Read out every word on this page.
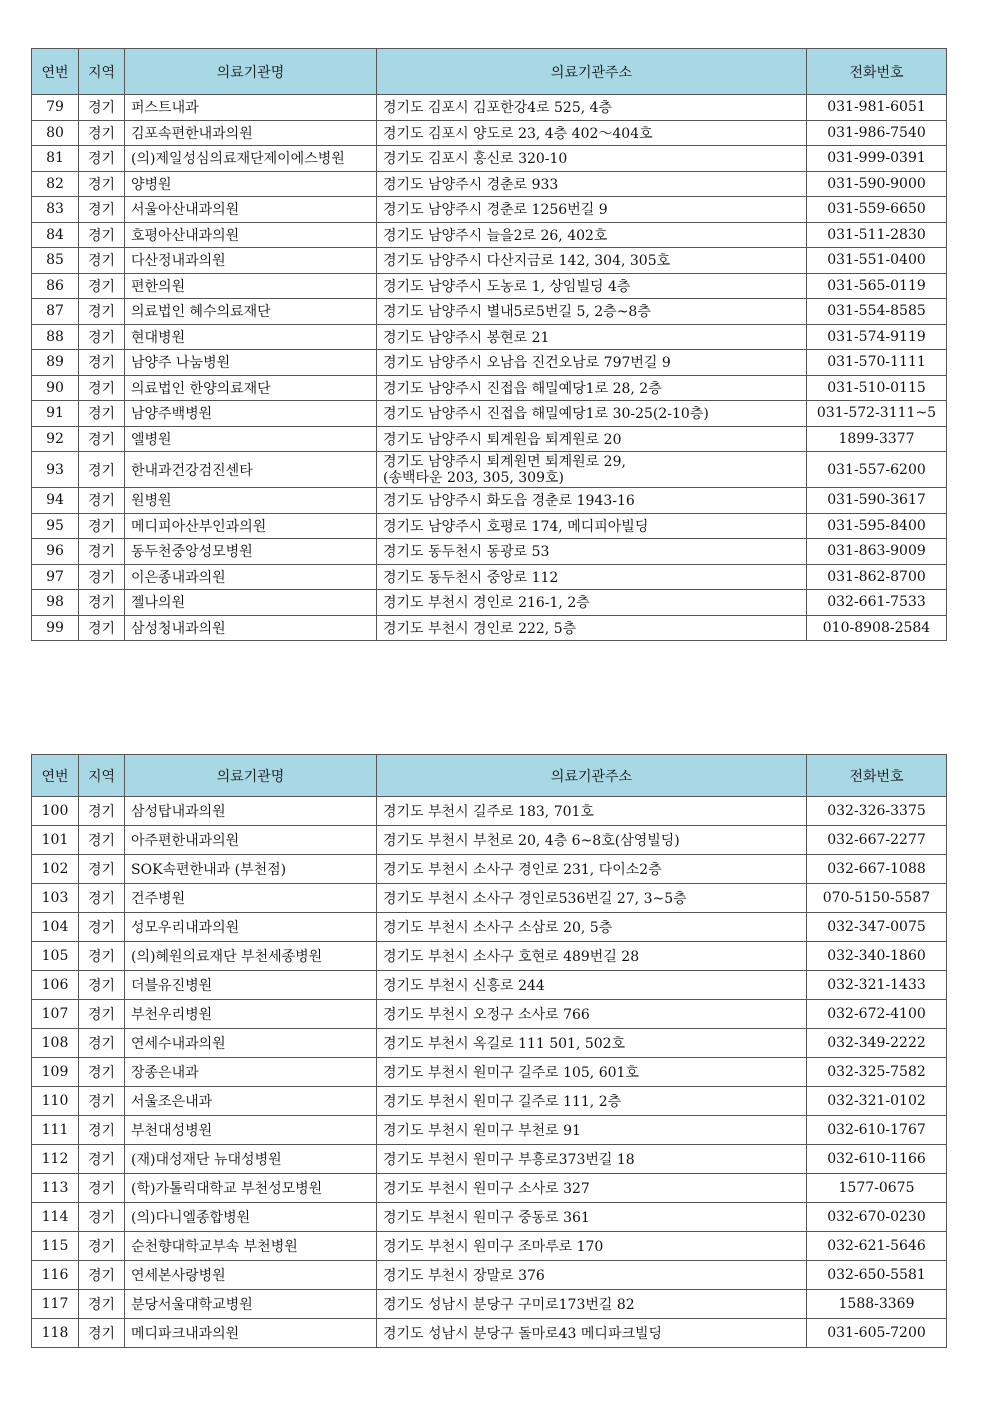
연번	지역	의료기관명	의료기관주소	전화번호
79	경기	퍼스트내과	경기도 김포시 김포한강4로 525, 4층	031-981-6051
80	경기	김포속편한내과의원	경기도 김포시 양도로 23, 4층 402～404호	031-986-7540
81	경기	(의)제일성심의료재단제이에스병원	경기도 김포시 홍신로 320-10	031-999-0391
82	경기	양병원	경기도 남양주시 경춘로 933	031-590-9000
83	경기	서울아산내과의원	경기도 남양주시 경춘로 1256번길 9	031-559-6650
84	경기	호평아산내과의원	경기도 남양주시 늘을2로 26, 402호	031-511-2830
85	경기	다산정내과의원	경기도 남양주시 다산지금로 142, 304, 305호	031-551-0400
86	경기	편한의원	경기도 남양주시 도농로 1, 상임빌딩 4층	031-565-0119
87	경기	의료법인 혜수의료재단	경기도 남양주시 별내5로5번길 5, 2층~8층	031-554-8585
88	경기	현대병원	경기도 남양주시 봉현로 21	031-574-9119
89	경기	남양주 나눔병원	경기도 남양주시 오남읍 진건오남로 797번길 9	031-570-1111
90	경기	의료법인 한양의료재단	경기도 남양주시 진접읍 해밀예당1로 28, 2층	031-510-0115
91	경기	남양주백병원	경기도 남양주시 진접읍 해밀예당1로 30-25(2-10층)	031-572-3111~5
92	경기	엘병원	경기도 남양주시 퇴계원읍 퇴계원로 20	1899-3377
93	경기	한내과건강검진센타	경기도 남양주시 퇴계원면 퇴계원로 29,
(송백타운 203, 305, 309호)	031-557-6200
94	경기	원병원	경기도 남양주시 화도읍 경춘로 1943-16	031-590-3617
95	경기	메디피아산부인과의원	경기도 남양주시 호평로 174, 메디피아빌딩	031-595-8400
96	경기	동두천중앙성모병원	경기도 동두천시 동광로 53	031-863-9009
97	경기	이은종내과의원	경기도 동두천시 중앙로 112	031-862-8700
98	경기	젤나의원	경기도 부천시 경인로 216-1, 2층	032-661-7533
99	경기	삼성청내과의원	경기도 부천시 경인로 222, 5층	010-8908-2584
연번	지역	의료기관명	의료기관주소	전화번호
100	경기	삼성탑내과의원	경기도 부천시 길주로 183, 701호	032-326-3375
101	경기	아주편한내과의원	경기도 부천시 부천로 20, 4층 6~8호(삼영빌딩)	032-667-2277
102	경기	SOK속편한내과 (부천점)	경기도 부천시 소사구 경인로 231, 다이소2층	032-667-1088
103	경기	건주병원	경기도 부천시 소사구 경인로536번길 27, 3~5층	070-5150-5587
104	경기	성모우리내과의원	경기도 부천시 소사구 소삼로 20, 5층	032-347-0075
105	경기	(의)혜원의료재단 부천세종병원	경기도 부천시 소사구 호현로 489번길 28	032-340-1860
106	경기	더블유진병원	경기도 부천시 신흥로 244	032-321-1433
107	경기	부천우리병원	경기도 부천시 오정구 소사로 766	032-672-4100
108	경기	연세수내과의원	경기도 부천시 옥길로 111 501, 502호	032-349-2222
109	경기	장종은내과	경기도 부천시 원미구 길주로 105, 601호	032-325-7582
110	경기	서울조은내과	경기도 부천시 원미구 길주로 111, 2층	032-321-0102
111	경기	부천대성병원	경기도 부천시 원미구 부천로 91	032-610-1767
112	경기	(재)대성재단 뉴대성병원	경기도 부천시 원미구 부흥로373번길 18	032-610-1166
113	경기	(학)가톨릭대학교 부천성모병원	경기도 부천시 원미구 소사로 327	1577-0675
114	경기	(의)다니엘종합병원	경기도 부천시 원미구 중동로 361	032-670-0230
115	경기	순천향대학교부속 부천병원	경기도 부천시 원미구 조마루로 170	032-621-5646
116	경기	연세본사랑병원	경기도 부천시 장말로 376	032-650-5581
117	경기	분당서울대학교병원	경기도 성남시 분당구 구미로173번길 82	1588-3369
118	경기	메디파크내과의원	경기도 성남시 분당구 돌마로43 메디파크빌딩	031-605-7200
